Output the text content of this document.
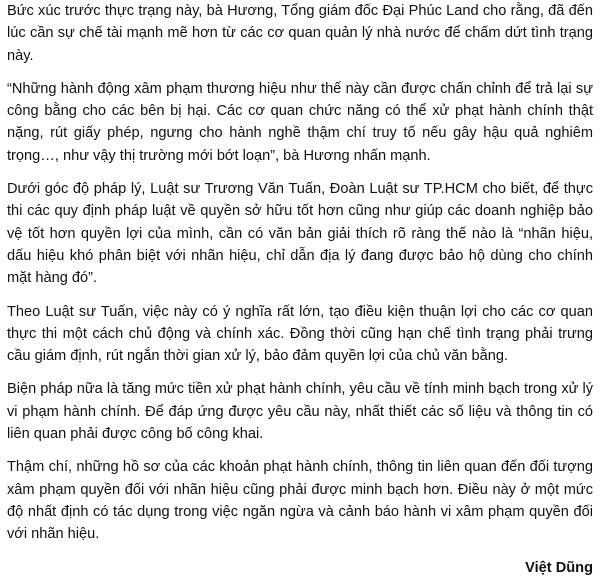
Bức xúc trước thực trạng này, bà Hương, Tổng giám đốc Đại Phúc Land cho rằng, đã đến lúc cần sự chế tài mạnh mẽ hơn từ các cơ quan quản lý nhà nước để chấm dứt tình trạng này.

“Những hành động xâm phạm thương hiệu như thế này cần được chấn chỉnh để trả lại sự công bằng cho các bên bị hại. Các cơ quan chức năng có thể xử phạt hành chính thật nặng, rút giấy phép, ngưng cho hành nghề thậm chí truy tố nếu gây hậu quả nghiêm trọng…, như vậy thị trường mới bớt loạn”, bà Hương nhấn mạnh.

Dưới góc độ pháp lý, Luật sư Trương Văn Tuấn, Đoàn Luật sư TP.HCM cho biết, để thực thi các quy định pháp luật về quyền sở hữu tốt hơn cũng như giúp các doanh nghiệp bảo vệ tốt hơn quyền lợi của mình, cần có văn bản giải thích rõ ràng thế nào là “nhãn hiệu, dấu hiệu khó phân biệt với nhãn hiệu, chỉ dẫn địa lý đang được bảo hộ dùng cho chính mặt hàng đó”.

Theo Luật sư Tuấn, việc này có ý nghĩa rất lớn, tạo điều kiện thuận lợi cho các cơ quan thực thi một cách chủ động và chính xác. Đồng thời cũng hạn chế tình trạng phải trưng cầu giám định, rút ngắn thời gian xử lý, bảo đảm quyền lợi của chủ văn bằng.

Biện pháp nữa là tăng mức tiền xử phạt hành chính, yêu cầu về tính minh bạch trong xử lý vi phạm hành chính. Để đáp ứng được yêu cầu này, nhất thiết các số liệu và thông tin có liên quan phải được công bố công khai.

Thậm chí, những hồ sơ của các khoản phạt hành chính, thông tin liên quan đến đối tượng xâm phạm quyền đối với nhãn hiệu cũng phải được minh bạch hơn. Điều này ở một mức độ nhất định có tác dụng trong việc ngăn ngừa và cảnh báo hành vi xâm phạm quyền đối với nhãn hiệu.

Việt Dũng
